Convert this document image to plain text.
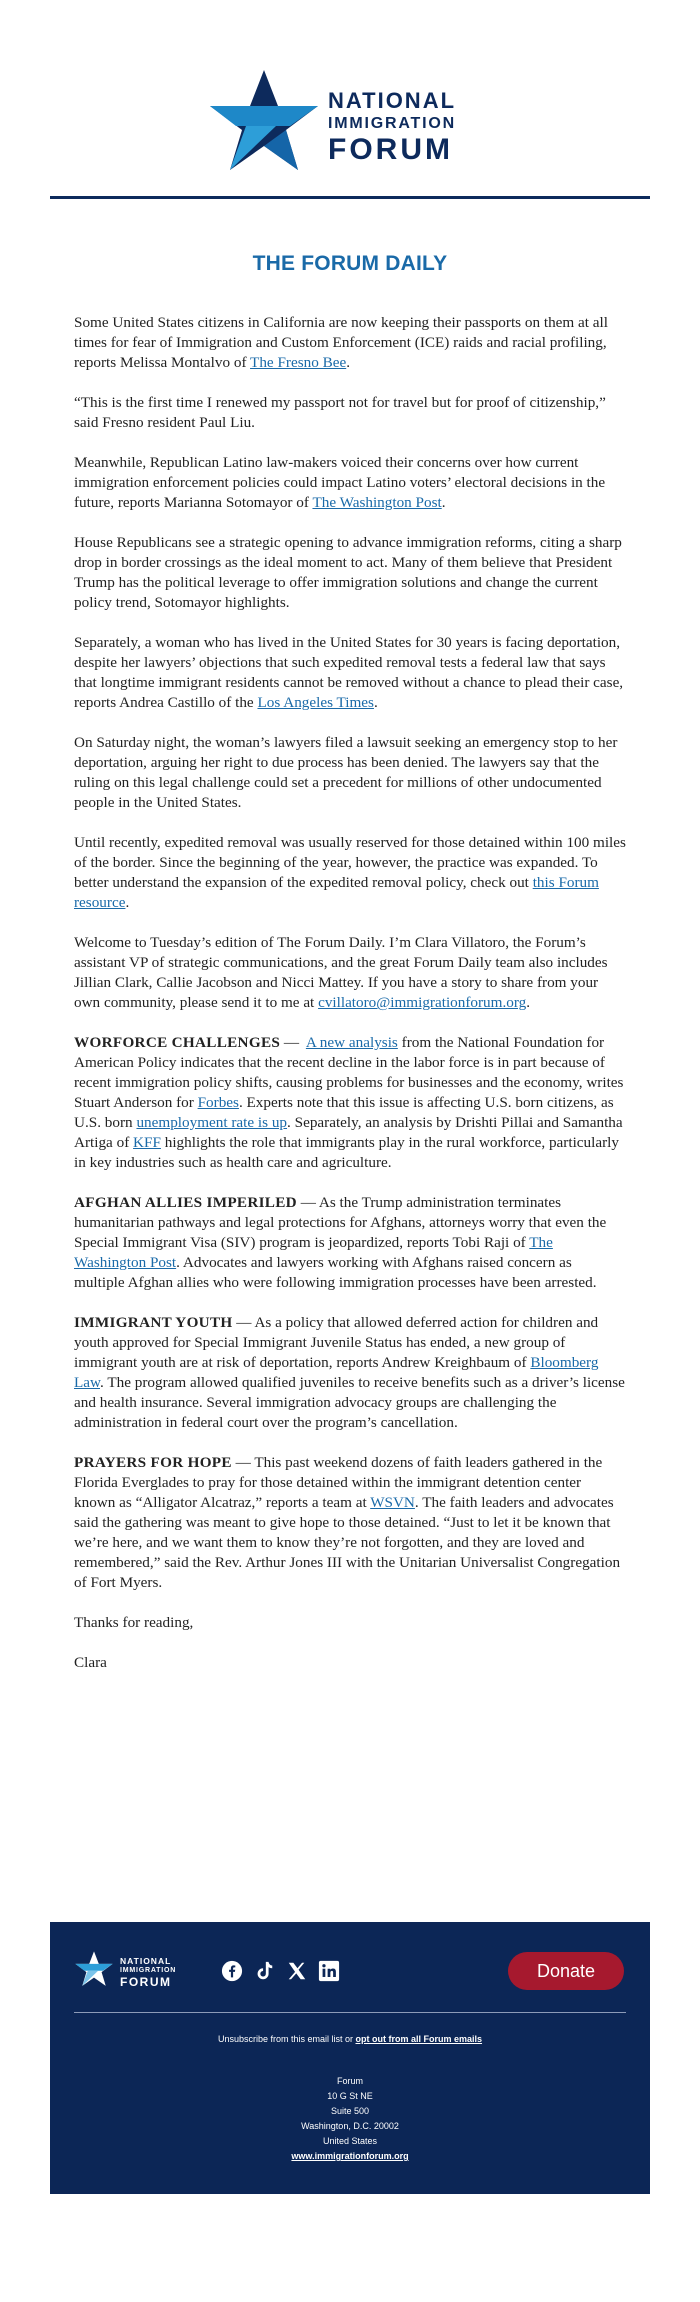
NATIONAL
IMMIGRATION
FORUM
THE FORUM DAILY

Some United States citizens in California are now keeping their passports on them at all times for fear of Immigration and Custom Enforcement (ICE) raids and racial profiling, reports Melissa Montalvo of The Fresno Bee.

“This is the first time I renewed my passport not for travel but for proof of citizenship,” said Fresno resident Paul Liu.

Meanwhile, Republican Latino law-makers voiced their concerns over how current immigration enforcement policies could impact Latino voters’ electoral decisions in the future, reports Marianna Sotomayor of The Washington Post.

House Republicans see a strategic opening to advance immigration reforms, citing a sharp drop in border crossings as the ideal moment to act. Many of them believe that President Trump has the political leverage to offer immigration solutions and change the current policy trend, Sotomayor highlights.

Separately, a woman who has lived in the United States for 30 years is facing deportation, despite her lawyers’ objections that such expedited removal tests a federal law that says that longtime immigrant residents cannot be removed without a chance to plead their case, reports Andrea Castillo of the Los Angeles Times.

On Saturday night, the woman’s lawyers filed a lawsuit seeking an emergency stop to her deportation, arguing her right to due process has been denied. The lawyers say that the ruling on this legal challenge could set a precedent for millions of other undocumented people in the United States.

Until recently, expedited removal was usually reserved for those detained within 100 miles of the border. Since the beginning of the year, however, the practice was expanded. To better understand the expansion of the expedited removal policy, check out this Forum resource.

Welcome to Tuesday’s edition of The Forum Daily. I’m Clara Villatoro, the Forum’s assistant VP of strategic communications, and the great Forum Daily team also includes Jillian Clark, Callie Jacobson and Nicci Mattey. If you have a story to share from your own community, please send it to me at cvillatoro@immigrationforum.org.

WORFORCE CHALLENGES —  A new analysis from the National Foundation for American Policy indicates that the recent decline in the labor force is in part because of recent immigration policy shifts, causing problems for businesses and the economy, writes Stuart Anderson for Forbes. Experts note that this issue is affecting U.S. born citizens, as U.S. born unemployment rate is up. Separately, an analysis by Drishti Pillai and Samantha Artiga of KFF highlights the role that immigrants play in the rural workforce, particularly in key industries such as health care and agriculture.

AFGHAN ALLIES IMPERILED — As the Trump administration terminates humanitarian pathways and legal protections for Afghans, attorneys worry that even the Special Immigrant Visa (SIV) program is jeopardized, reports Tobi Raji of The Washington Post. Advocates and lawyers working with Afghans raised concern as multiple Afghan allies who were following immigration processes have been arrested.

IMMIGRANT YOUTH — As a policy that allowed deferred action for children and youth approved for Special Immigrant Juvenile Status has ended, a new group of immigrant youth are at risk of deportation, reports Andrew Kreighbaum of Bloomberg Law. The program allowed qualified juveniles to receive benefits such as a driver’s license and health insurance. Several immigration advocacy groups are challenging the administration in federal court over the program’s cancellation.

PRAYERS FOR HOPE — This past weekend dozens of faith leaders gathered in the Florida Everglades to pray for those detained within the immigrant detention center known as “Alligator Alcatraz,” reports a team at WSVN. The faith leaders and advocates said the gathering was meant to give hope to those detained. “Just to let it be known that we’re here, and we want them to know they’re not forgotten, and they are loved and remembered,” said the Rev. Arthur Jones III with the Unitarian Universalist Congregation of Fort Myers.

Thanks for reading,

Clara

NATIONAL
IMMIGRATION
FORUM
Donate
Unsubscribe from this email list or opt out from all Forum emails
Forum
10 G St NE
Suite 500
Washington, D.C. 20002
United States
www.immigrationforum.org
